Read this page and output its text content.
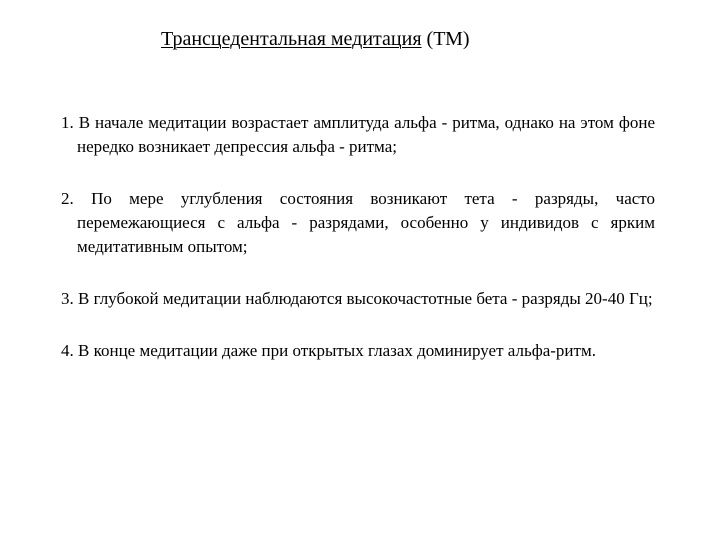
Трансцедентальная медитация (ТМ)
1. В начале медитации возрастает амплитуда альфа - ритма, однако на этом фоне нередко возникает депрессия альфа - ритма;
2. По мере углубления состояния возникают тета - разряды, часто перемежающиеся с альфа - разрядами, особенно у индивидов с ярким медитативным опытом;
3. В глубокой медитации наблюдаются высокочастотные бета - разряды 20-40 Гц;
4. В конце медитации даже при открытых глазах доминирует альфа-ритм.
